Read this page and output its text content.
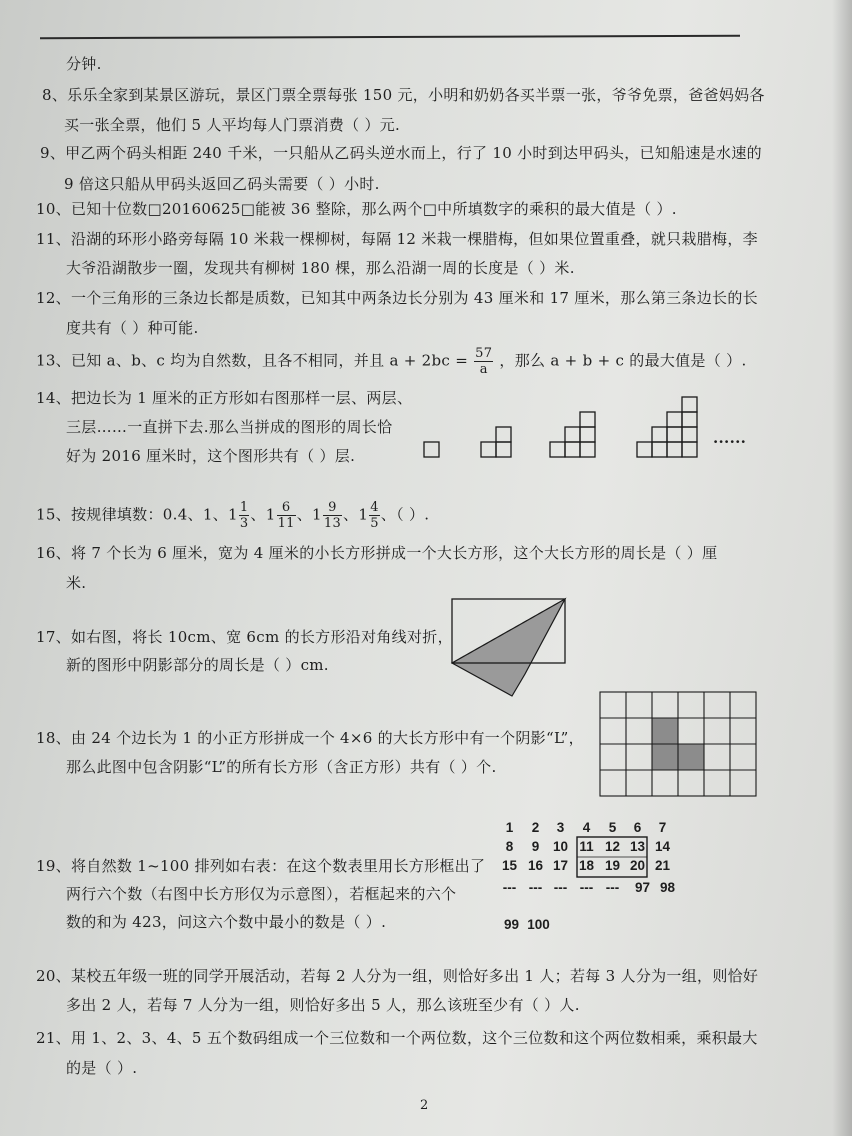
分钟.
8、乐乐全家到某景区游玩，景区门票全票每张 150 元，小明和奶奶各买半票一张，爷爷免票，爸爸妈妈各
买一张全票，他们 5 人平均每人门票消费（ ）元.
9、甲乙两个码头相距 240 千米，一只船从乙码头逆水而上，行了 10 小时到达甲码头，已知船速是水速的
9 倍这只船从甲码头返回乙码头需要（ ）小时.
10、已知十位数□20160625□能被 36 整除，那么两个□中所填数字的乘积的最大值是（ ）.
11、沿湖的环形小路旁每隔 10 米栽一棵柳树，每隔 12 米栽一棵腊梅，但如果位置重叠，就只栽腊梅，李
大爷沿湖散步一圈，发现共有柳树 180 棵，那么沿湖一周的长度是（ ）米.
12、一个三角形的三条边长都是质数，已知其中两条边长分别为 43 厘米和 17 厘米，那么第三条边长的长
度共有（ ）种可能.
13、已知 a、b、c 均为自然数，且各不相同，并且 $a + 2bc = \frac{57}{a}$ ，那么 a + b + c 的最大值是（ ）.
14、把边长为 1 厘米的正方形如右图那样一层、两层、
三层……一直拼下去.那么当拼成的图形的周长恰
好为 2016 厘米时，这个图形共有（ ）层.
......
15、按规律填数：0.4、1、$1 \frac{1}{3}$ 、$1 \frac{6}{11}$ 、$1 \frac{9}{13}$ 、$1 \frac{4}{5}$ 、（ ）.
16、将 7 个长为 6 厘米，宽为 4 厘米的小长方形拼成一个大长方形，这个大长方形的周长是（ ）厘
米.
17、如右图，将长 10cm、宽 6cm 的长方形沿对角线对折，
新的图形中阴影部分的周长是（ ）cm.
18、由 24 个边长为 1 的小正方形拼成一个 4×6 的大长方形中有一个阴影“L”，
那么此图中包含阴影“L”的所有长方形（含正方形）共有（ ）个.
19、将自然数 1~100 排列如右表：在这个数表里用长方形框出了
两行六个数（右图中长方形仅为示意图），若框起来的六个
数的和为 423，问这六个数中最小的数是（ ）.
1	2	3	4	5	6	7
8	9	10 11 12 13 14
15 16 17 18 19 20 21
--- --- --- --- ---	97 98
99 100
20、某校五年级一班的同学开展活动，若每 2 人分为一组，则恰好多出 1 人；若每 3 人分为一组，则恰好
多出 2 人，若每 7 人分为一组，则恰好多出 5 人，那么该班至少有（ ）人.
21、用 1、2、3、4、5 五个数码组成一个三位数和一个两位数，这个三位数和这个两位数相乘，乘积最大
的是（ ）.
2
